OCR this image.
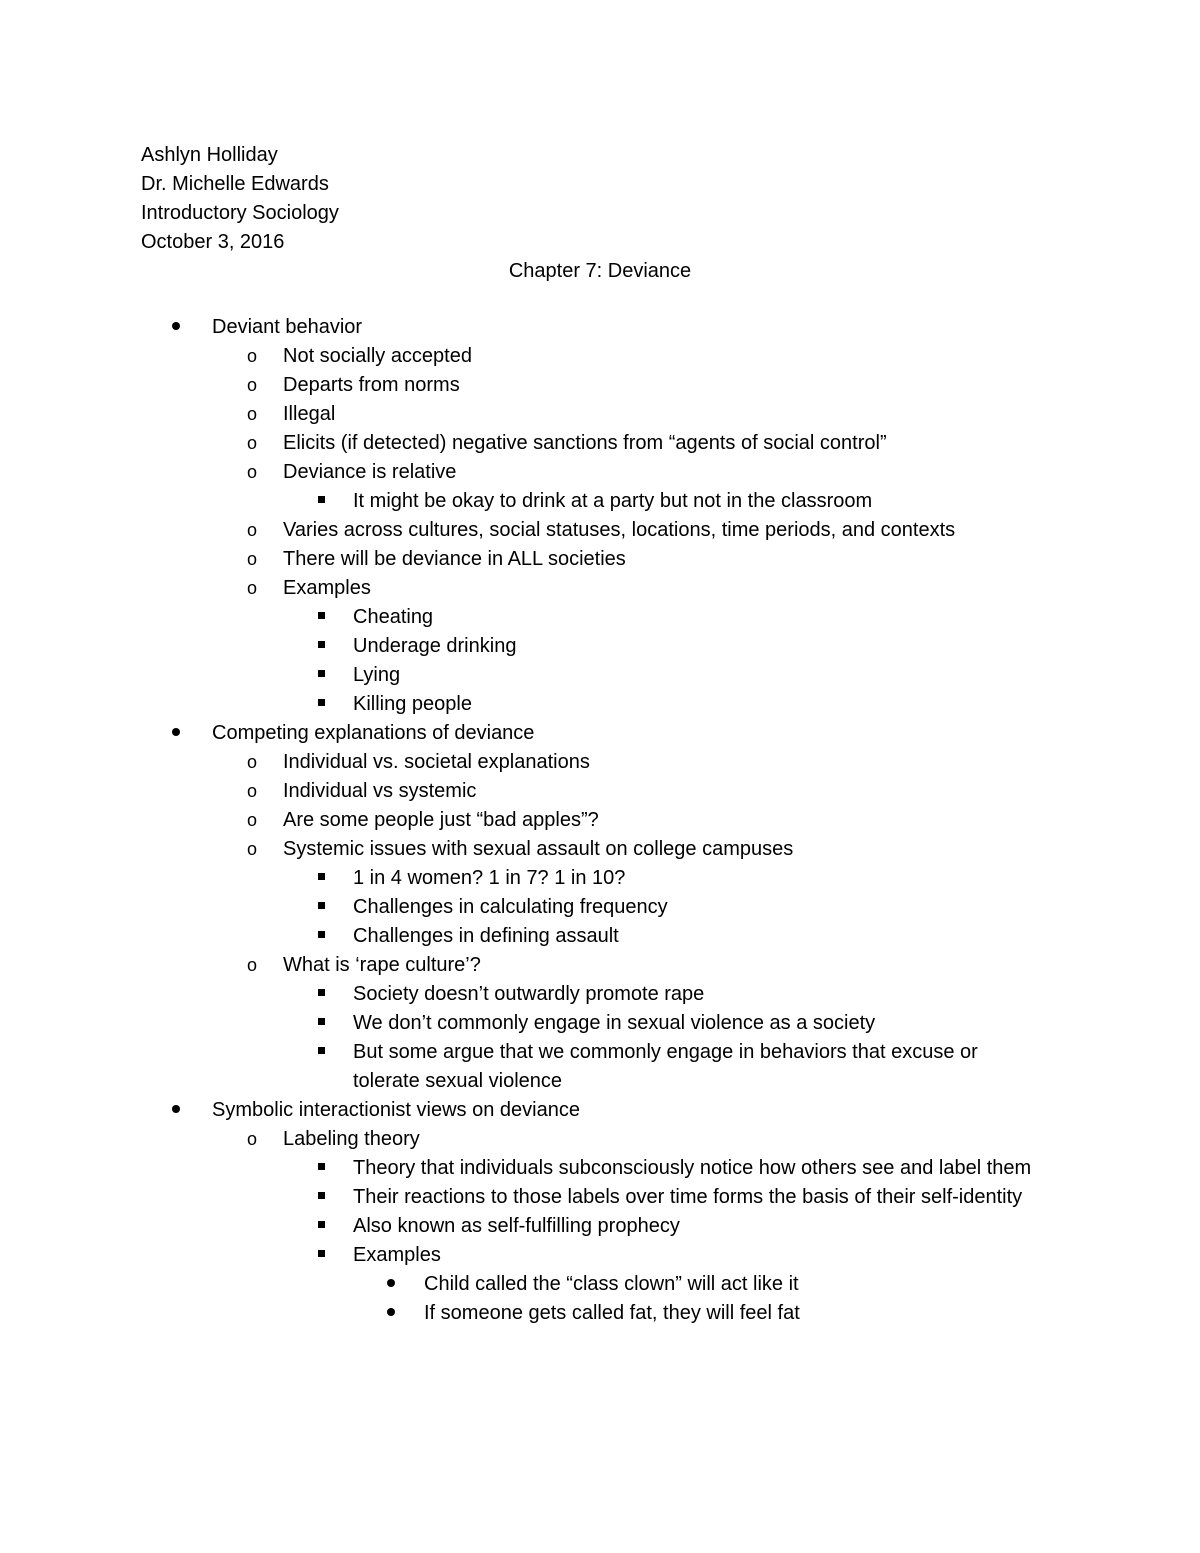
Ashlyn Holliday
Dr. Michelle Edwards
Introductory Sociology
October 3, 2016
Chapter 7: Deviance
Deviant behavior
o Not socially accepted
o Departs from norms
o Illegal
o Elicits (if detected) negative sanctions from “agents of social control”
o Deviance is relative
It might be okay to drink at a party but not in the classroom
o Varies across cultures, social statuses, locations, time periods, and contexts
o There will be deviance in ALL societies
o Examples
Cheating
Underage drinking
Lying
Killing people
Competing explanations of deviance
o Individual vs. societal explanations
o Individual vs systemic
o Are some people just “bad apples”?
o Systemic issues with sexual assault on college campuses
1 in 4 women? 1 in 7? 1 in 10?
Challenges in calculating frequency
Challenges in defining assault
o What is ‘rape culture’?
Society doesn’t outwardly promote rape
We don’t commonly engage in sexual violence as a society
But some argue that we commonly engage in behaviors that excuse or tolerate sexual violence
Symbolic interactionist views on deviance
o Labeling theory
Theory that individuals subconsciously notice how others see and label them
Their reactions to those labels over time forms the basis of their self-identity
Also known as self-fulfilling prophecy
Examples
Child called the “class clown” will act like it
If someone gets called fat, they will feel fat
